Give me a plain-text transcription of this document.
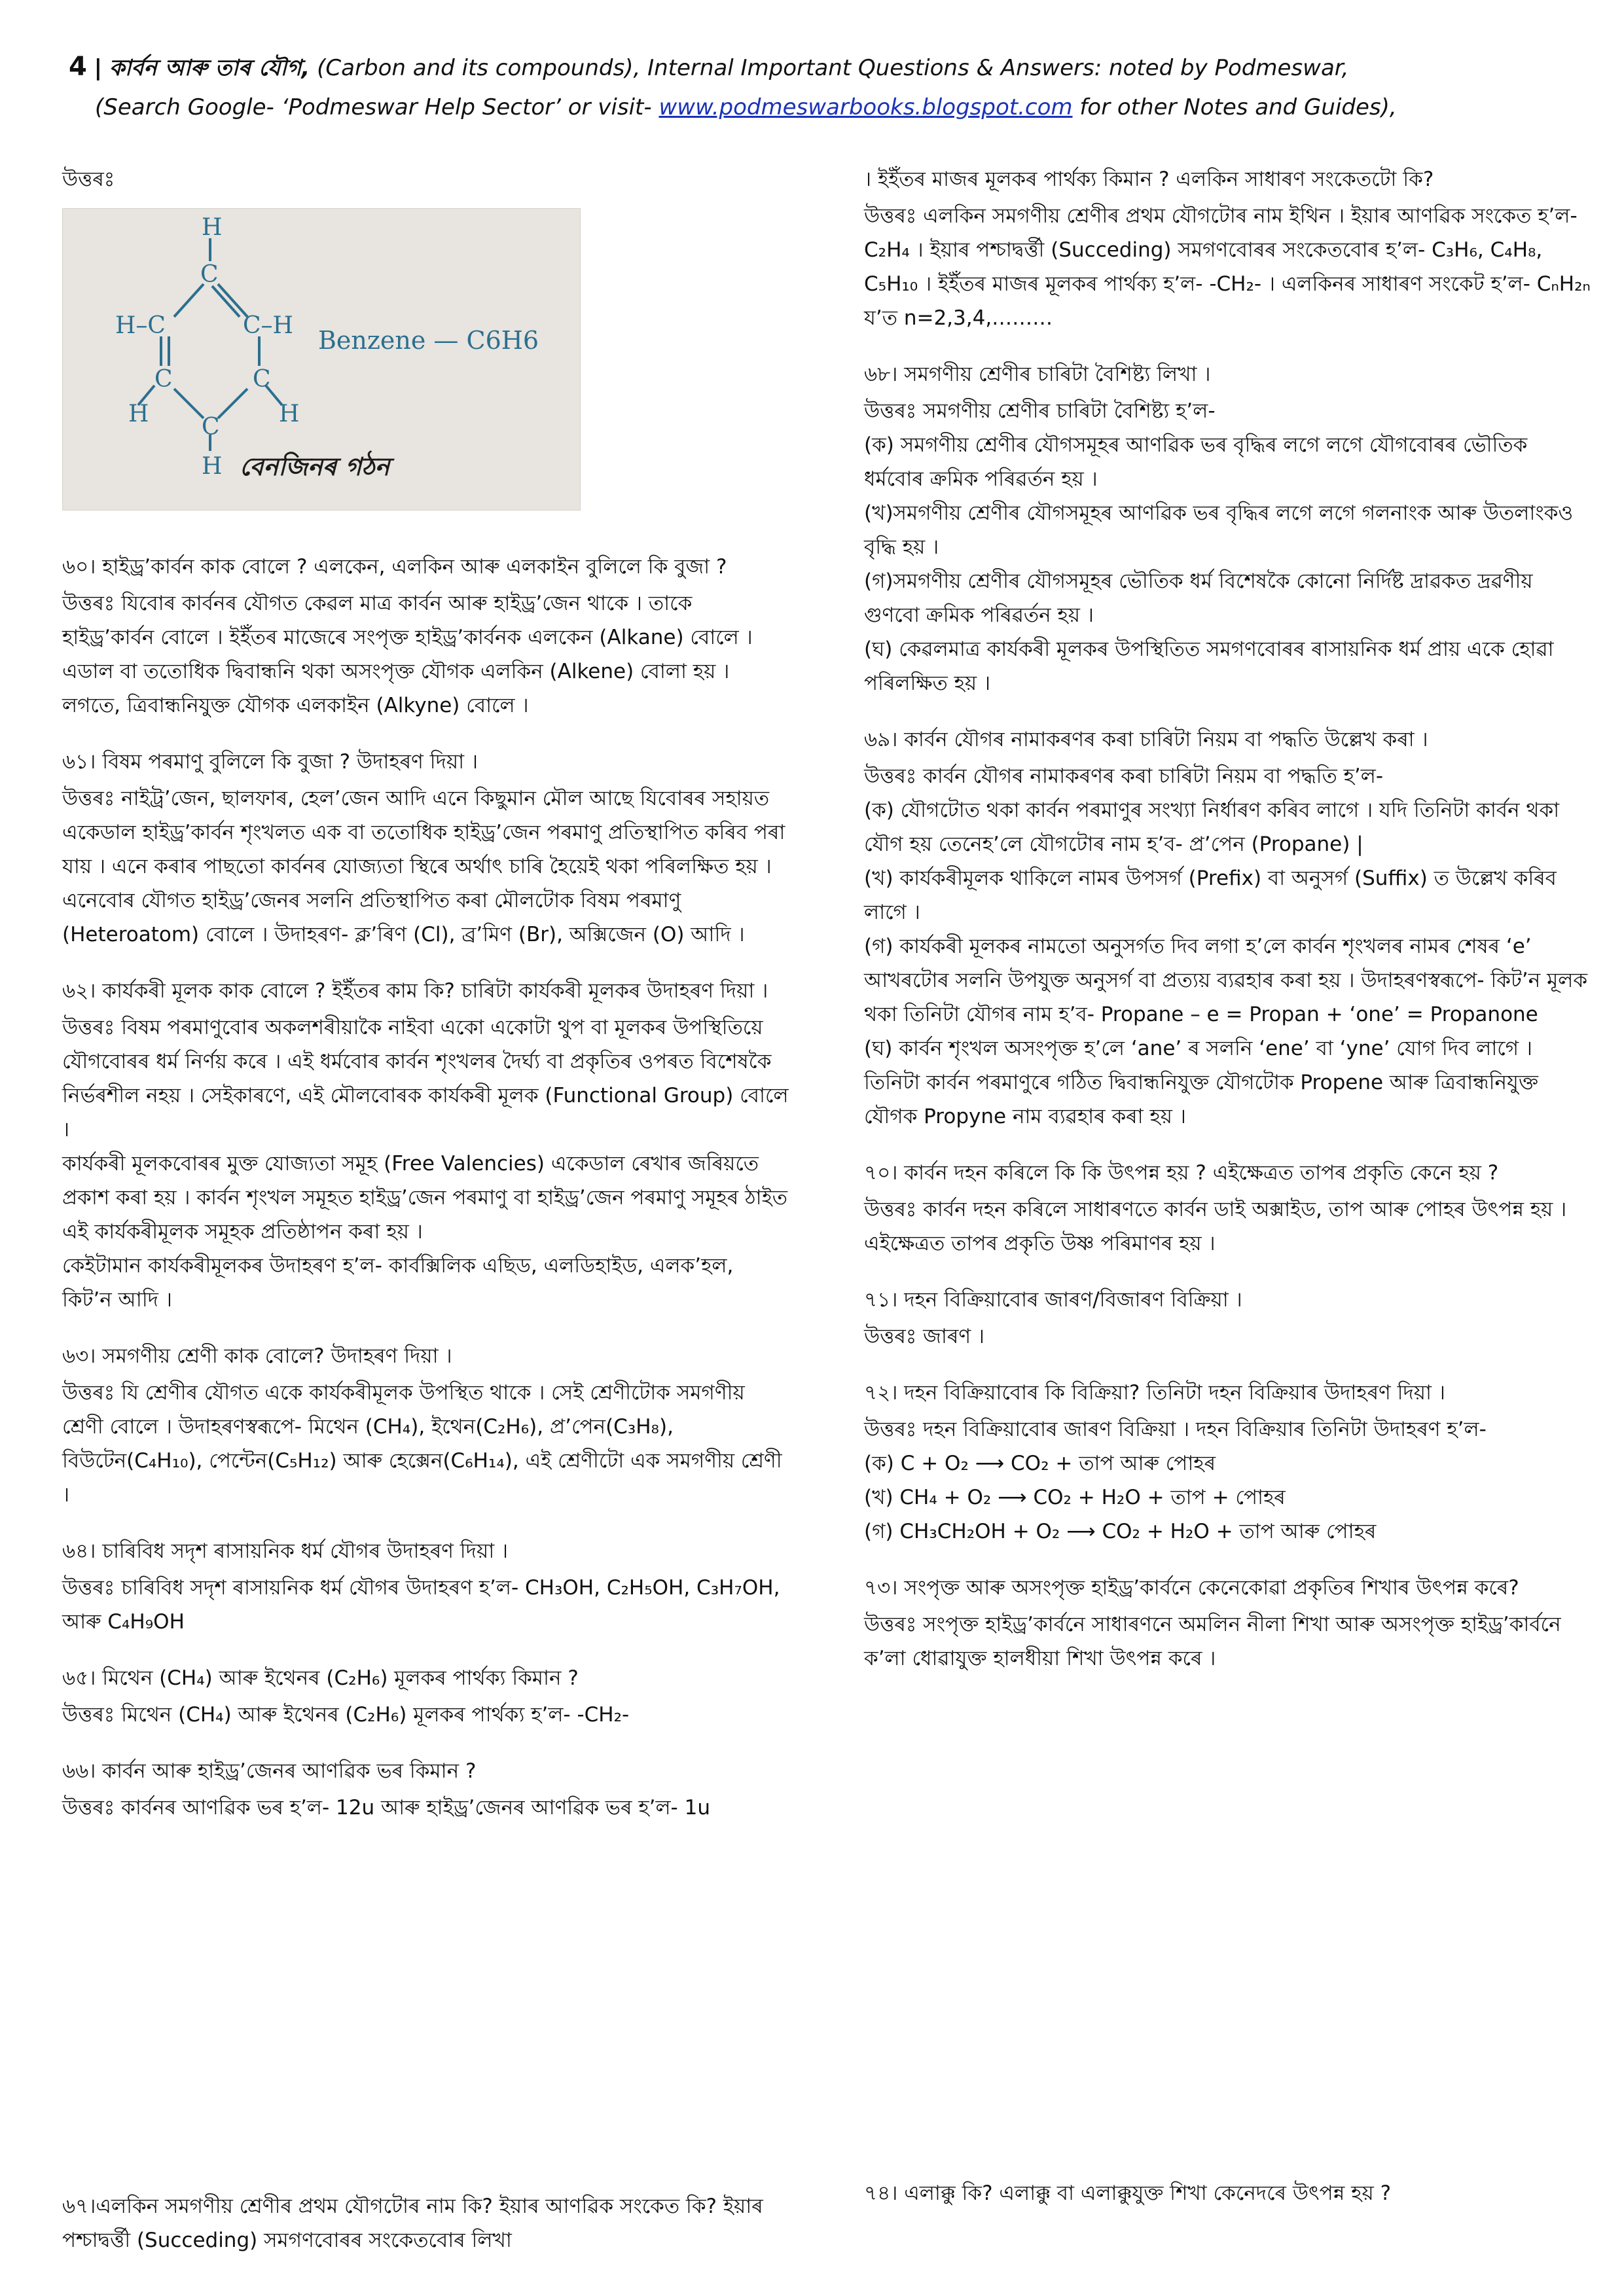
4 | কাৰ্বন আৰু তাৰ যৌগ, (Carbon and its compounds), Internal Important Questions & Answers: noted by Podmeswar,
(Search Google- ‘Podmeswar Help Sector’ or visit- www.podmeswarbooks.blogspot.com for other Notes and Guides),

উত্তৰঃ

H
C
H–C	C–H
C	C
H	H
C
H
Benzene — C6H6
বেনজিনৰ গঠন

৬০। হাইড্ৰ’কাৰ্বন কাক বোলে ? এলকেন, এলকিন আৰু এলকাইন বুলিলে কি বুজা ?

উত্তৰঃ যিবোৰ কাৰ্বনৰ যৌগত কেৱল মাত্ৰ কাৰ্বন আৰু হাইড্ৰ’জেন থাকে । তাকে হাইড্ৰ’কাৰ্বন বোলে । ইইঁতৰ মাজেৰে সংপৃক্ত হাইড্ৰ’কাৰ্বনক এলকেন (Alkane) বোলে । এডাল বা ততোধিক দ্বিবান্ধনি থকা অসংপৃক্ত যৌগক এলকিন (Alkene) বোলা হয় । লগতে, ত্ৰিবান্ধনিযুক্ত যৌগক এলকাইন (Alkyne) বোলে ।

৬১। বিষম পৰমাণু বুলিলে কি বুজা ? উদাহৰণ দিয়া ।

উত্তৰঃ নাইট্ৰ’জেন, ছালফাৰ, হেল’জেন আদি এনে কিছুমান মৌল আছে যিবোৰৰ সহায়ত একেডাল হাইড্ৰ’কাৰ্বন শৃংখলত এক বা ততোধিক হাইড্ৰ’জেন পৰমাণু প্ৰতিস্থাপিত কৰিব পৰা যায় । এনে কৰাৰ পাছতো কাৰ্বনৰ যোজ্যতা স্থিৰে অৰ্থাৎ চাৰি হৈয়েই থকা পৰিলক্ষিত হয় । এনেবোৰ যৌগত হাইড্ৰ’জেনৰ সলনি প্ৰতিস্থাপিত কৰা মৌলটোক বিষম পৰমাণু (Heteroatom) বোলে । উদাহৰণ- ক্ল’ৰিণ (Cl), ব্ৰ’মিণ (Br), অক্সিজেন (O) আদি ।

৬২। কাৰ্যকৰী মূলক কাক বোলে ? ইইঁতৰ কাম কি? চাৰিটা কাৰ্যকৰী মূলকৰ উদাহৰণ দিয়া ।

উত্তৰঃ বিষম পৰমাণুবোৰ অকলশৰীয়াকৈ নাইবা একো একোটা থুপ বা মূলকৰ উপস্থিতিয়ে যৌগবোৰৰ ধৰ্ম নিৰ্ণয় কৰে । এই ধৰ্মবোৰ কাৰ্বন শৃংখলৰ দৈৰ্ঘ্য বা প্ৰকৃতিৰ ওপৰত বিশেষকৈ নিৰ্ভৰশীল নহয় । সেইকাৰণে, এই মৌলবোৰক কাৰ্যকৰী মূলক (Functional Group) বোলে ।

কাৰ্যকৰী মূলকবোৰৰ মুক্ত যোজ্যতা সমূহ (Free Valencies) একেডাল ৰেখাৰ জৰিয়তে প্ৰকাশ কৰা হয় । কাৰ্বন শৃংখল সমূহত হাইড্ৰ’জেন পৰমাণু বা হাইড্ৰ’জেন পৰমাণু সমূহৰ ঠাইত এই কাৰ্যকৰীমূলক সমূহক প্ৰতিষ্ঠাপন কৰা হয় ।

কেইটামান কাৰ্যকৰীমূলকৰ উদাহৰণ হ’ল- কাৰ্বক্সিলিক এছিড, এলডিহাইড, এলক’হল, কিট’ন আদি ।

৬৩। সমগণীয় শ্ৰেণী কাক বোলে? উদাহৰণ দিয়া ।

উত্তৰঃ যি শ্ৰেণীৰ যৌগত একে কাৰ্যকৰীমূলক উপস্থিত থাকে । সেই শ্ৰেণীটোক সমগণীয় শ্ৰেণী বোলে । উদাহৰণস্বৰূপে- মিথেন (CH₄), ইথেন(C₂H₆), প্ৰ’পেন(C₃H₈), বিউটেন(C₄H₁₀), পেন্টেন(C₅H₁₂) আৰু হেক্সেন(C₆H₁₄), এই শ্ৰেণীটো এক সমগণীয় শ্ৰেণী ।

৬৪। চাৰিবিধ সদৃশ ৰাসায়নিক ধৰ্ম যৌগৰ উদাহৰণ দিয়া ।

উত্তৰঃ চাৰিবিধ সদৃশ ৰাসায়নিক ধৰ্ম যৌগৰ উদাহৰণ হ’ল- CH₃OH, C₂H₅OH, C₃H₇OH, আৰু C₄H₉OH

৬৫। মিথেন (CH₄) আৰু ইথেনৰ (C₂H₆) মূলকৰ পাৰ্থক্য কিমান ?

উত্তৰঃ মিথেন (CH₄) আৰু ইথেনৰ (C₂H₆) মূলকৰ পাৰ্থক্য হ’ল- -CH₂-

৬৬। কাৰ্বন আৰু হাইড্ৰ’জেনৰ আণৱিক ভৰ কিমান ?

উত্তৰঃ কাৰ্বনৰ আণৱিক ভৰ হ’ল- 12u আৰু হাইড্ৰ’জেনৰ আণৱিক ভৰ হ’ল- 1u

৬৭।এলকিন সমগণীয় শ্ৰেণীৰ প্ৰথম যৌগটোৰ নাম কি? ইয়াৰ আণৱিক সংকেত কি? ইয়াৰ পশ্চাদ্বৰ্ত্তী (Succeding) সমগণবোৰৰ সংকেতবোৰ লিখা

। ইইঁতৰ মাজৰ মূলকৰ পাৰ্থক্য কিমান ? এলকিন সাধাৰণ সংকেতটো কি?

উত্তৰঃ এলকিন সমগণীয় শ্ৰেণীৰ প্ৰথম যৌগটোৰ নাম ইথিন । ইয়াৰ আণৱিক সংকেত হ’ল- C₂H₄ । ইয়াৰ পশ্চাদ্বৰ্ত্তী (Succeding) সমগণবোৰৰ সংকেতবোৰ হ’ল- C₃H₆, C₄H₈, C₅H₁₀ । ইইঁতৰ মাজৰ মূলকৰ পাৰ্থক্য হ’ল- -CH₂- । এলকিনৰ সাধাৰণ সংকেট হ’ল- CₙH₂ₙ য’ত n=2,3,4,………

৬৮। সমগণীয় শ্ৰেণীৰ চাৰিটা বৈশিষ্ট্য লিখা ।

উত্তৰঃ সমগণীয় শ্ৰেণীৰ চাৰিটা বৈশিষ্ট্য হ’ল-

(ক) সমগণীয় শ্ৰেণীৰ যৌগসমূহৰ আণৱিক ভৰ বৃদ্ধিৰ লগে লগে যৌগবোৰৰ ভৌতিক ধৰ্মবোৰ ক্ৰমিক পৰিৱৰ্তন হয় ।

(খ)সমগণীয় শ্ৰেণীৰ যৌগসমূহৰ আণৱিক ভৰ বৃদ্ধিৰ লগে লগে গলনাংক আৰু উতলাংকও বৃদ্ধি হয় ।

(গ)সমগণীয় শ্ৰেণীৰ যৌগসমূহৰ ভৌতিক ধৰ্ম বিশেষকৈ কোনো নিৰ্দিষ্ট দ্ৰাৱকত দ্ৰৱণীয় গুণবো ক্ৰমিক পৰিৱৰ্তন হয় ।

(ঘ) কেৱলমাত্ৰ কাৰ্যকৰী মূলকৰ উপস্থিতিত সমগণবোৰৰ ৰাসায়নিক ধৰ্ম প্ৰায় একে হোৱা পৰিলক্ষিত হয় ।

৬৯। কাৰ্বন যৌগৰ নামাকৰণৰ কৰা চাৰিটা নিয়ম বা পদ্ধতি উল্লেখ কৰা ।

উত্তৰঃ কাৰ্বন যৌগৰ নামাকৰণৰ কৰা চাৰিটা নিয়ম বা পদ্ধতি হ’ল-

(ক) যৌগটোত থকা কাৰ্বন পৰমাণুৰ সংখ্যা নিৰ্ধাৰণ কৰিব লাগে । যদি তিনিটা কাৰ্বন থকা যৌগ হয় তেনেহ’লে যৌগটোৰ নাম হ’ব- প্ৰ’পেন (Propane) |

(খ) কাৰ্যকৰীমূলক থাকিলে নামৰ উপসৰ্গ (Prefix) বা অনুসৰ্গ (Suffix) ত উল্লেখ কৰিব লাগে ।

(গ) কাৰ্যকৰী মূলকৰ নামতো অনুসৰ্গত দিব লগা হ’লে কাৰ্বন শৃংখলৰ নামৰ শেষৰ ‘e’ আখৰটোৰ সলনি উপযুক্ত অনুসৰ্গ বা প্ৰত্যয় ব্যৱহাৰ কৰা হয় । উদাহৰণস্বৰূপে- কিট’ন মূলক থকা তিনিটা যৌগৰ নাম হ’ব- Propane – e = Propan + ‘one’ = Propanone

(ঘ) কাৰ্বন শৃংখল অসংপৃক্ত হ’লে ‘ane’ ৰ সলনি ‘ene’ বা ‘yne’ যোগ দিব লাগে । তিনিটা কাৰ্বন পৰমাণুৰে গঠিত দ্বিবান্ধনিযুক্ত যৌগটোক Propene আৰু ত্ৰিবান্ধনিযুক্ত যৌগক Propyne নাম ব্যৱহাৰ কৰা হয় ।

৭০। কাৰ্বন দহন কৰিলে কি কি উৎপন্ন হয় ? এইক্ষেত্ৰত তাপৰ প্ৰকৃতি কেনে হয় ?

উত্তৰঃ কাৰ্বন দহন কৰিলে সাধাৰণতে কাৰ্বন ডাই অক্সাইড, তাপ আৰু পোহৰ উৎপন্ন হয় । এইক্ষেত্ৰত তাপৰ প্ৰকৃতি উষ্ণ পৰিমাণৰ হয় ।

৭১। দহন বিক্ৰিয়াবোৰ জাৰণ/বিজাৰণ বিক্ৰিয়া ।

উত্তৰঃ জাৰণ ।

৭২। দহন বিক্ৰিয়াবোৰ কি বিক্ৰিয়া? তিনিটা দহন বিক্ৰিয়াৰ উদাহৰণ দিয়া ।

উত্তৰঃ দহন বিক্ৰিয়াবোৰ জাৰণ বিক্ৰিয়া । দহন বিক্ৰিয়াৰ তিনিটা উদাহৰণ হ’ল-

(ক) C + O₂ ⟶ CO₂ + তাপ আৰু পোহৰ

(খ) CH₄ + O₂ ⟶ CO₂ + H₂O + তাপ + পোহৰ

(গ) CH₃CH₂OH + O₂ ⟶ CO₂ + H₂O + তাপ আৰু পোহৰ

৭৩। সংপৃক্ত আৰু অসংপৃক্ত হাইড্ৰ’কাৰ্বনে কেনেকোৱা প্ৰকৃতিৰ শিখাৰ উৎপন্ন কৰে?

উত্তৰঃ সংপৃক্ত হাইড্ৰ’কাৰ্বনে সাধাৰণনে অমলিন নীলা শিখা আৰু অসংপৃক্ত হাইড্ৰ’কাৰ্বনে ক’লা ধোৱাযুক্ত হালধীয়া শিখা উৎপন্ন কৰে ।

৭৪। এলাক্কু কি? এলাক্কু বা এলাক্কুযুক্ত শিখা কেনেদৰে উৎপন্ন হয় ?
